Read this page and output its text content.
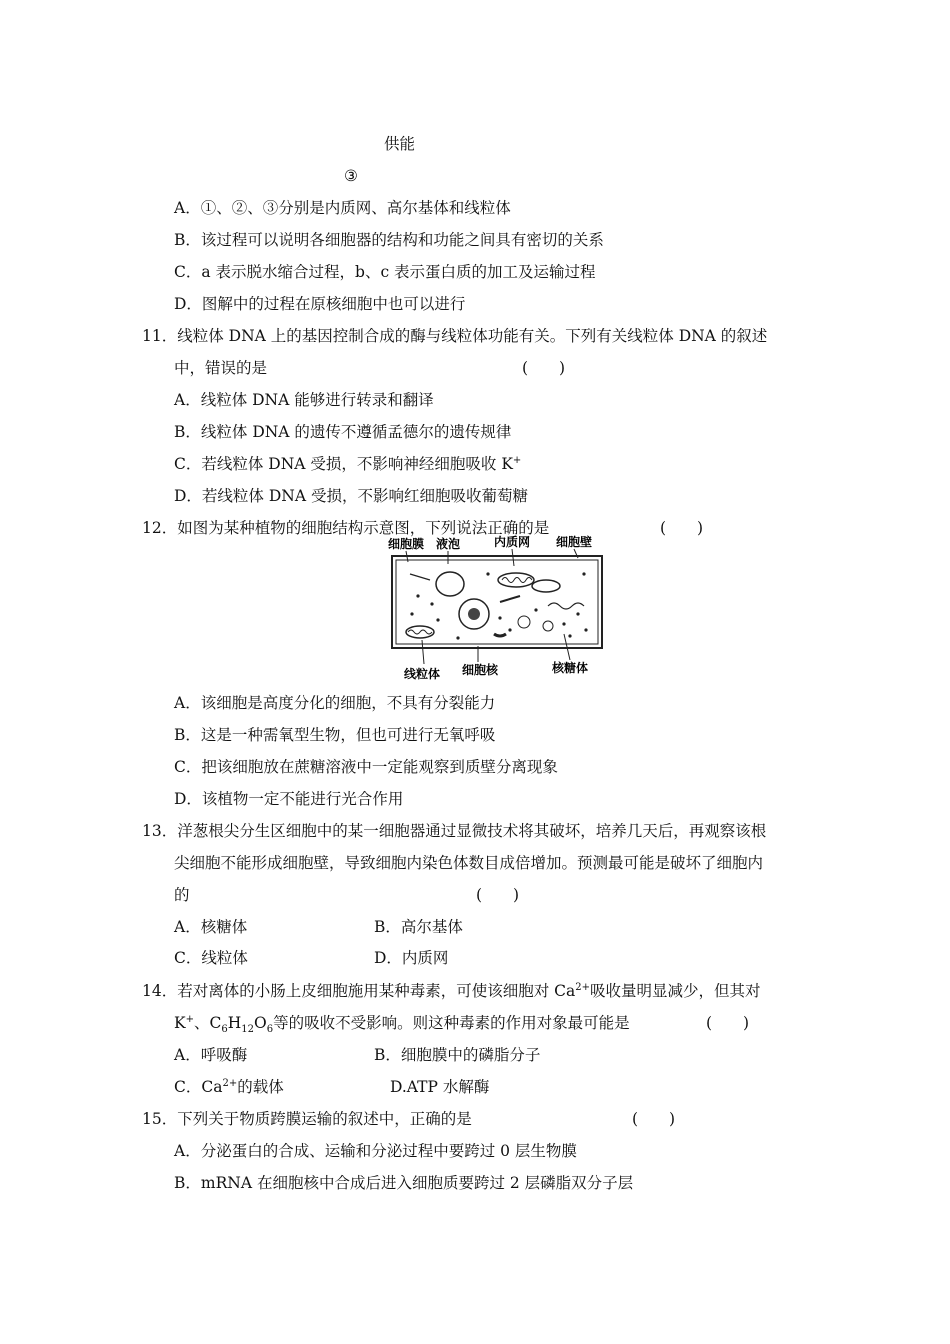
供能
③
A．①、②、③分别是内质网、高尔基体和线粒体
B．该过程可以说明各细胞器的结构和功能之间具有密切的关系
C．a 表示脱水缩合过程，b、c 表示蛋白质的加工及运输过程
D．图解中的过程在原核细胞中也可以进行
11．线粒体 DNA 上的基因控制合成的酶与线粒体功能有关。下列有关线粒体 DNA 的叙述
中，错误的是	(　　)
A．线粒体 DNA 能够进行转录和翻译
B．线粒体 DNA 的遗传不遵循孟德尔的遗传规律
C．若线粒体 DNA 受损，不影响神经细胞吸收 K+
D．若线粒体 DNA 受损，不影响红细胞吸收葡萄糖
12．如图为某种植物的细胞结构示意图，下列说法正确的是	(　　)
细胞膜 液泡	内质网 细胞壁
线粒体 细胞核	核糖体
A．该细胞是高度分化的细胞，不具有分裂能力
B．这是一种需氧型生物，但也可进行无氧呼吸
C．把该细胞放在蔗糖溶液中一定能观察到质壁分离现象
D．该植物一定不能进行光合作用
13．洋葱根尖分生区细胞中的某一细胞器通过显微技术将其破坏，培养几天后，再观察该根
尖细胞不能形成细胞壁，导致细胞内染色体数目成倍增加。预测最可能是破坏了细胞内
的	(　　)
A．核糖体	B．高尔基体
C．线粒体	D．内质网
14．若对离体的小肠上皮细胞施用某种毒素，可使该细胞对 $Ca^{2+}$吸收量明显减少，但其对
K+、$C_6H_{12}O_6$等的吸收不受影响。则这种毒素的作用对象最可能是	(　　)
A．呼吸酶	B．细胞膜中的磷脂分子
C．$Ca^{2+}$的载体	D.ATP 水解酶
15．下列关于物质跨膜运输的叙述中，正确的是	(　　)
A．分泌蛋白的合成、运输和分泌过程中要跨过 0 层生物膜
B．mRNA 在细胞核中合成后进入细胞质要跨过 2 层磷脂双分子层
